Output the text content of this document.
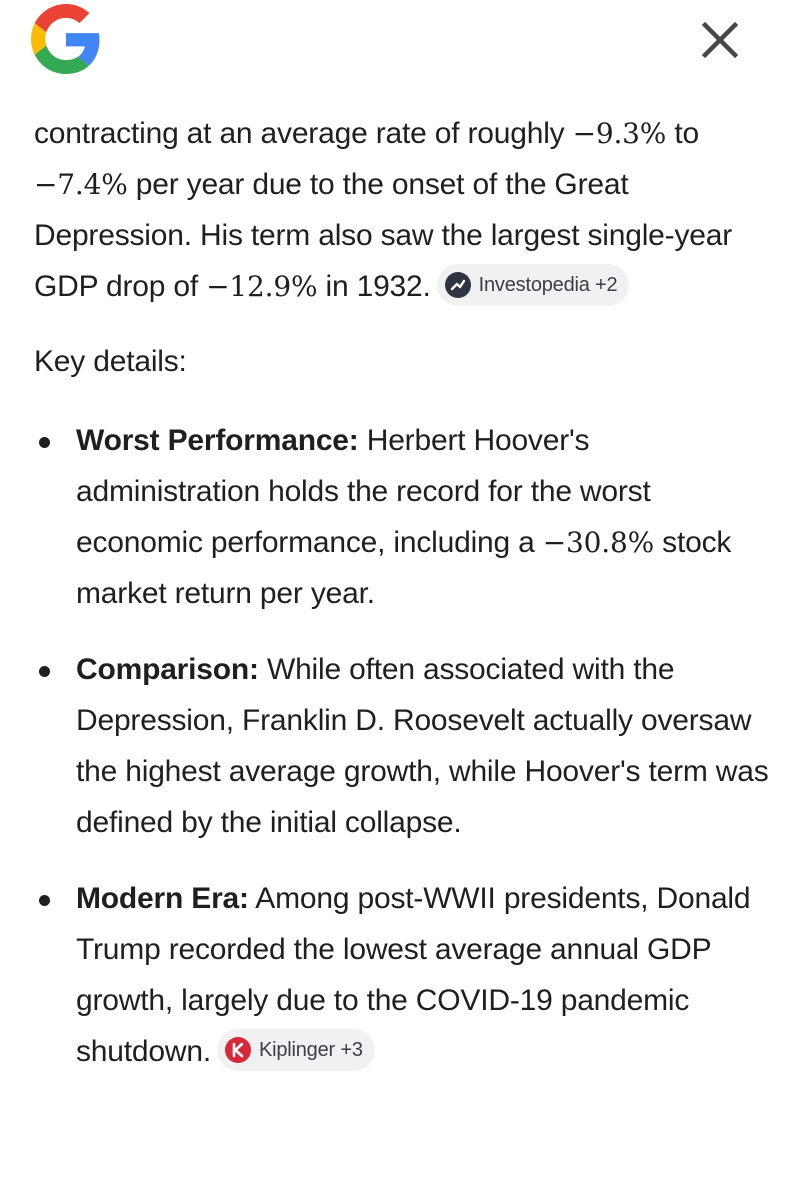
contracting at an average rate of roughly −9.3% to −7.4% per year due to the onset of the Great Depression. His term also saw the largest single-year GDP drop of −12.9% in 1932. Investopedia +2
Key details:
Worst Performance: Herbert Hoover's administration holds the record for the worst economic performance, including a −30.8% stock market return per year.
Comparison: While often associated with the Depression, Franklin D. Roosevelt actually oversaw the highest average growth, while Hoover's term was defined by the initial collapse.
Modern Era: Among post-WWII presidents, Donald Trump recorded the lowest average annual GDP growth, largely due to the COVID-19 pandemic shutdown. Kiplinger +3
